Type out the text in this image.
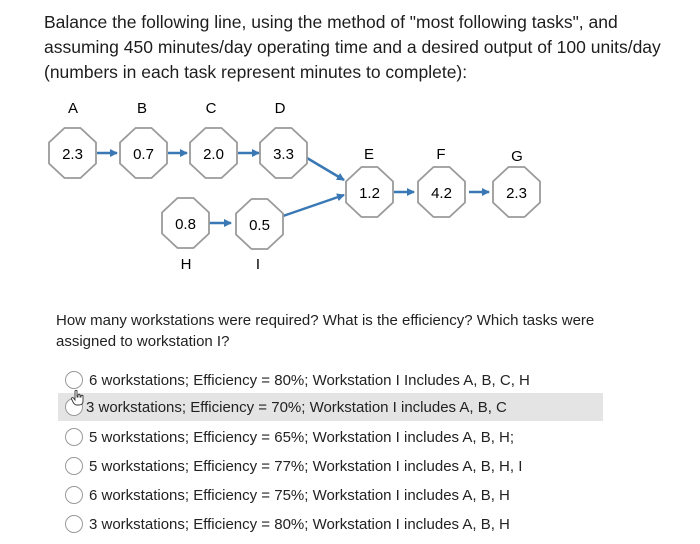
Balance the following line, using the method of "most following tasks", and assuming 450 minutes/day operating time and a desired output of 100 units/day (numbers in each task represent minutes to complete):
2.3	0.7	2.0	3.3
1.2	4.2	2.3
0.8	0.5
A	B	C	D
E	F	G
H	I
How many workstations were required? What is the efficiency? Which tasks were assigned to workstation I?
6 workstations; Efficiency = 80%; Workstation I Includes A, B, C, H
3 workstations; Efficiency = 70%; Workstation I includes A, B, C
5 workstations; Efficiency = 65%; Workstation I includes A, B, H;
5 workstations; Efficiency = 77%; Workstation I includes A, B, H, I
6 workstations; Efficiency = 75%; Workstation I includes A, B, H
3 workstations; Efficiency = 80%; Workstation I includes A, B, H
